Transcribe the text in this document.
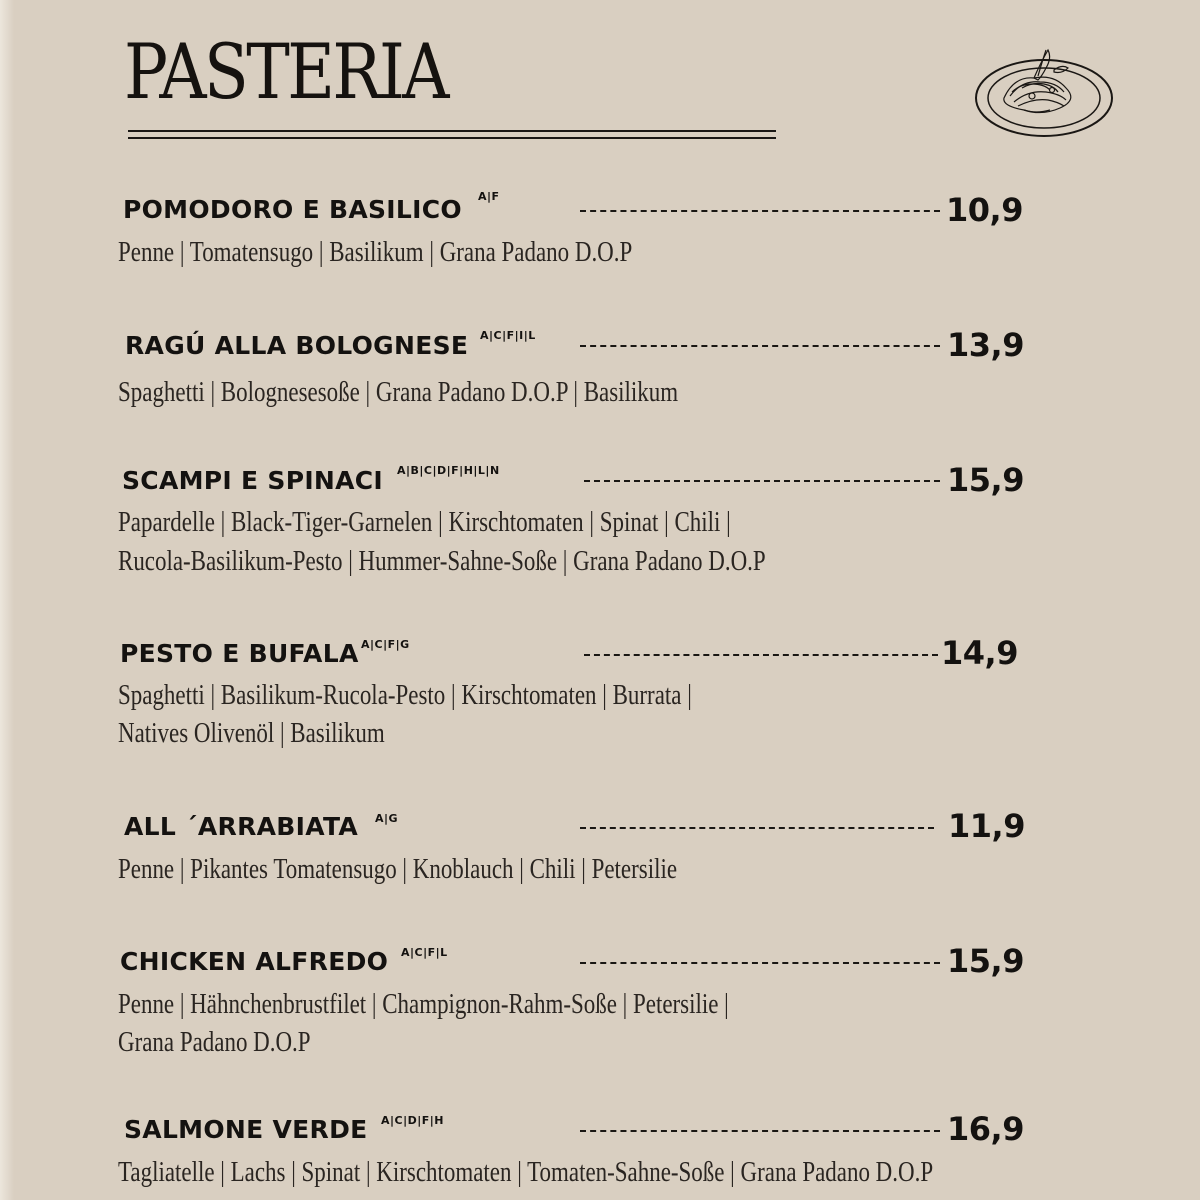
PASTERIA
POMODORO E BASILICO A|F	10,9

Penne | Tomatensugo | Basilikum | Grana Padano D.O.P

RAGÚ ALLA BOLOGNESE A|C|F|I|L	13,9

Spaghetti | Bolognesesoße | Grana Padano D.O.P | Basilikum

SCAMPI E SPINACI A|B|C|D|F|H|L|N	15,9

Papardelle | Black-Tiger-Garnelen | Kirschtomaten | Spinat | Chili |

Rucola-Basilikum-Pesto | Hummer-Sahne-Soße | Grana Padano D.O.P

PESTO E BUFALA A|C|F|G	14,9

Spaghetti | Basilikum-Rucola-Pesto | Kirschtomaten | Burrata |

Natives Olivenöl | Basilikum

ALL ´ARRABIATA A|G	11,9

Penne | Pikantes Tomatensugo | Knoblauch | Chili | Petersilie

CHICKEN ALFREDO A|C|F|L	15,9

Penne | Hähnchenbrustfilet | Champignon-Rahm-Soße | Petersilie |

Grana Padano D.O.P

SALMONE VERDE A|C|D|F|H	16,9

Tagliatelle | Lachs | Spinat | Kirschtomaten | Tomaten-Sahne-Soße | Grana Padano D.O.P
